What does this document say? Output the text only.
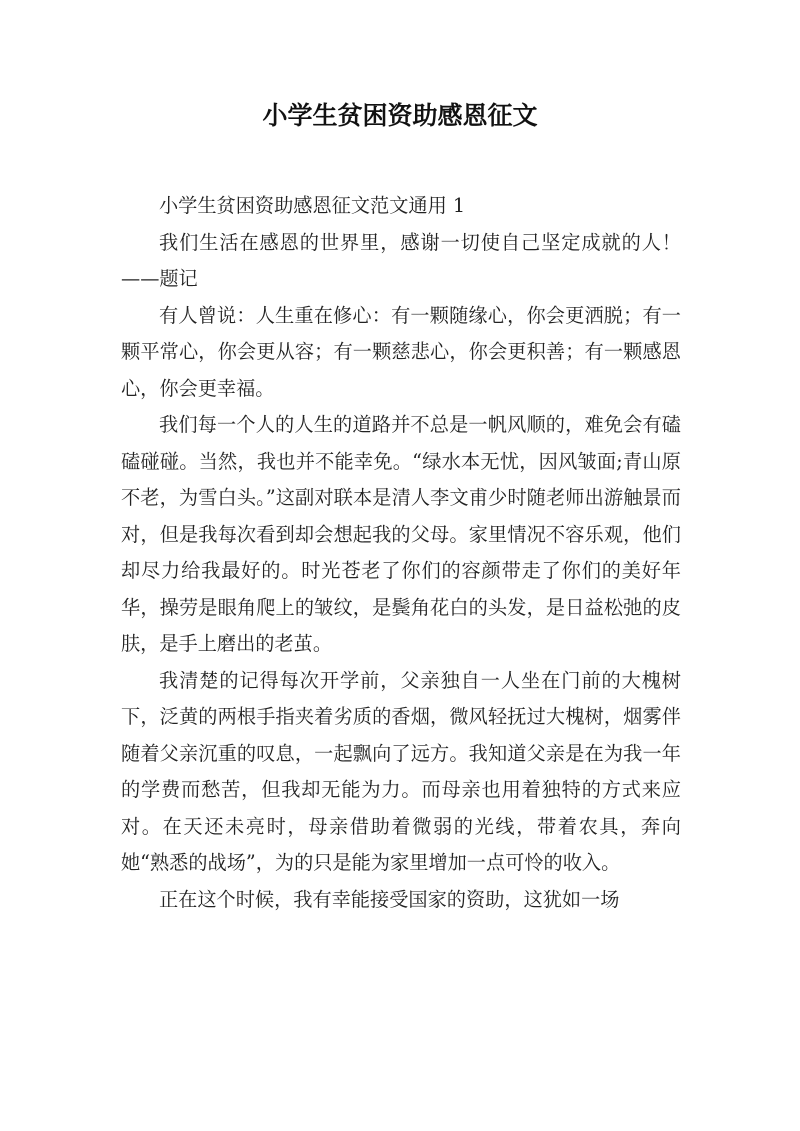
小学生贫困资助感恩征文

小学生贫困资助感恩征文范文通用 1

我们生活在感恩的世界里，感谢一切使自己坚定成就的人！——题记

有人曾说：人生重在修心：有一颗随缘心，你会更洒脱；有一颗平常心，你会更从容；有一颗慈悲心，你会更积善；有一颗感恩心，你会更幸福。

我们每一个人的人生的道路并不总是一帆风顺的，难免会有磕磕碰碰。当然，我也并不能幸免。“绿水本无忧，因风皱面;青山原不老，为雪白头。”这副对联本是清人李文甫少时随老师出游触景而对，但是我每次看到却会想起我的父母。家里情况不容乐观，他们却尽力给我最好的。时光苍老了你们的容颜带走了你们的美好年华，操劳是眼角爬上的皱纹，是鬓角花白的头发，是日益松弛的皮肤，是手上磨出的老茧。

我清楚的记得每次开学前，父亲独自一人坐在门前的大槐树下，泛黄的两根手指夹着劣质的香烟，微风轻抚过大槐树，烟雾伴随着父亲沉重的叹息，一起飘向了远方。我知道父亲是在为我一年的学费而愁苦，但我却无能为力。而母亲也用着独特的方式来应对。在天还未亮时，母亲借助着微弱的光线，带着农具，奔向她“熟悉的战场”，为的只是能为家里增加一点可怜的收入。

正在这个时候，我有幸能接受国家的资助，这犹如一场
